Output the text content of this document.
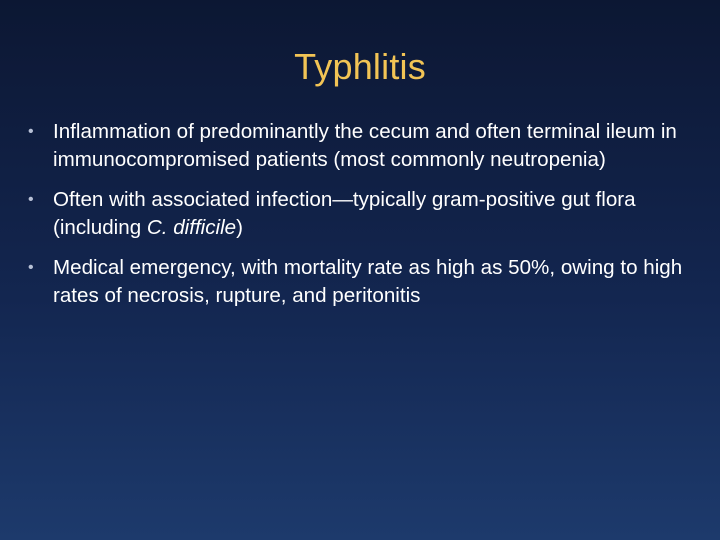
Typhlitis
• Inflammation of predominantly the cecum and often terminal ileum in immunocompromised patients (most commonly neutropenia)
• Often with associated infection—typically gram-positive gut flora (including C. difficile)
• Medical emergency, with mortality rate as high as 50%, owing to high rates of necrosis, rupture, and peritonitis
